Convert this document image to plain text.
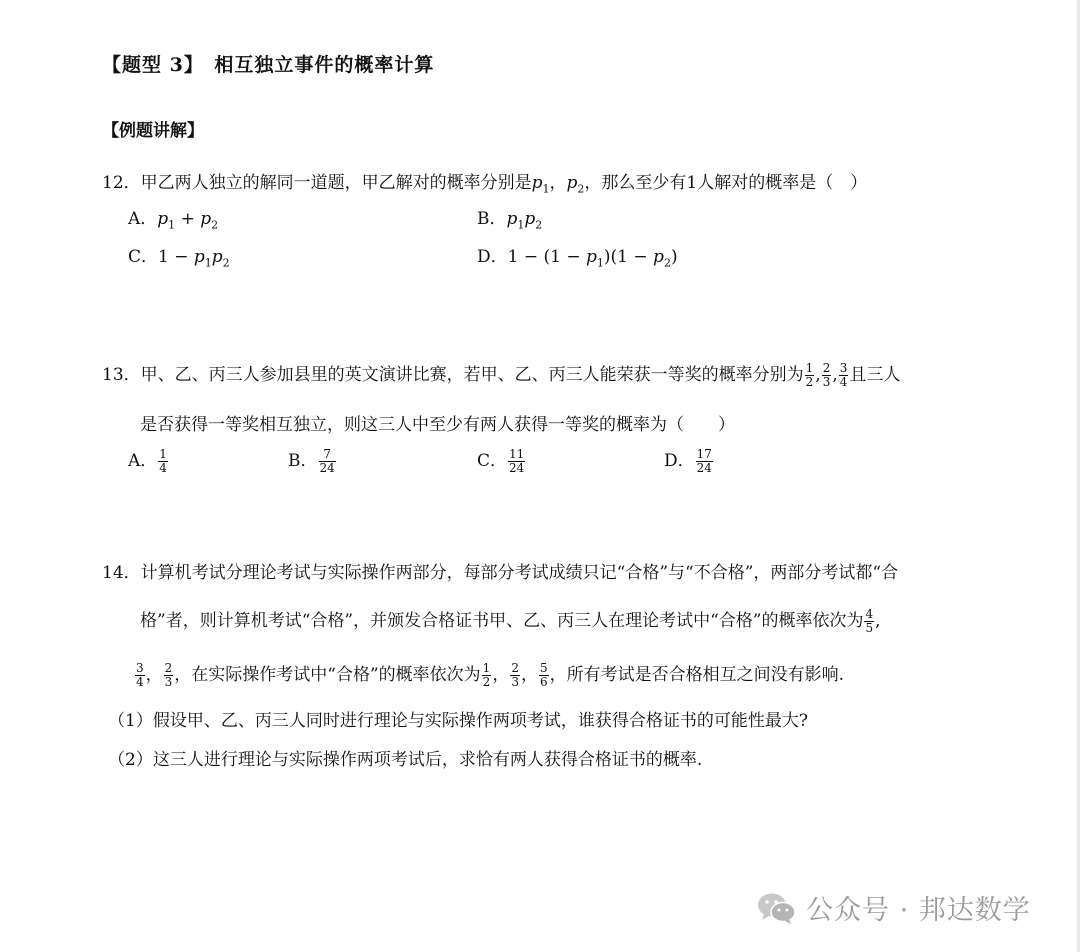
【题型 3】　相互独立事件的概率计算
【例题讲解】
12．甲乙两人独立的解同一道题，甲乙解对的概率分别是$p_1$，$p_2$，那么至少有1人解对的概率是（　）
A．$p_1 + p_2$	B．$p_1p_2$
C．$1 - p_1p_2$	D．$1 - (1 - p_1)(1 - p_2)$
13．甲、乙、丙三人参加县里的英文演讲比赛，若甲、乙、丙三人能荣获一等奖的概率分别为 $\frac{1}{2}$ , $\frac{2}{3}$ , $\frac{3}{4}$ 且三人
是否获得一等奖相互独立，则这三人中至少有两人获得一等奖的概率为（　　）
A． $\frac{1}{4}$	B． $\frac{7}{24}$	C． $\frac{11}{24}$	D． $\frac{17}{24}$
14．计算机考试分理论考试与实际操作两部分，每部分考试成绩只记“合格”与“不合格”，两部分考试都“合
格”者，则计算机考试“合格”，并颁发合格证书甲、乙、丙三人在理论考试中“合格”的概率依次为 $\frac{4}{5}$ ,
$\frac{3}{4}$ ， $\frac{2}{3}$ ，在实际操作考试中“合格”的概率依次为 $\frac{1}{2}$ ， $\frac{2}{3}$ ， $\frac{5}{6}$ ，所有考试是否合格相互之间没有影响.
（1）假设甲、乙、丙三人同时进行理论与实际操作两项考试，谁获得合格证书的可能性最大?
（2）这三人进行理论与实际操作两项考试后，求恰有两人获得合格证书的概率.
公众号 · 邦达数学
